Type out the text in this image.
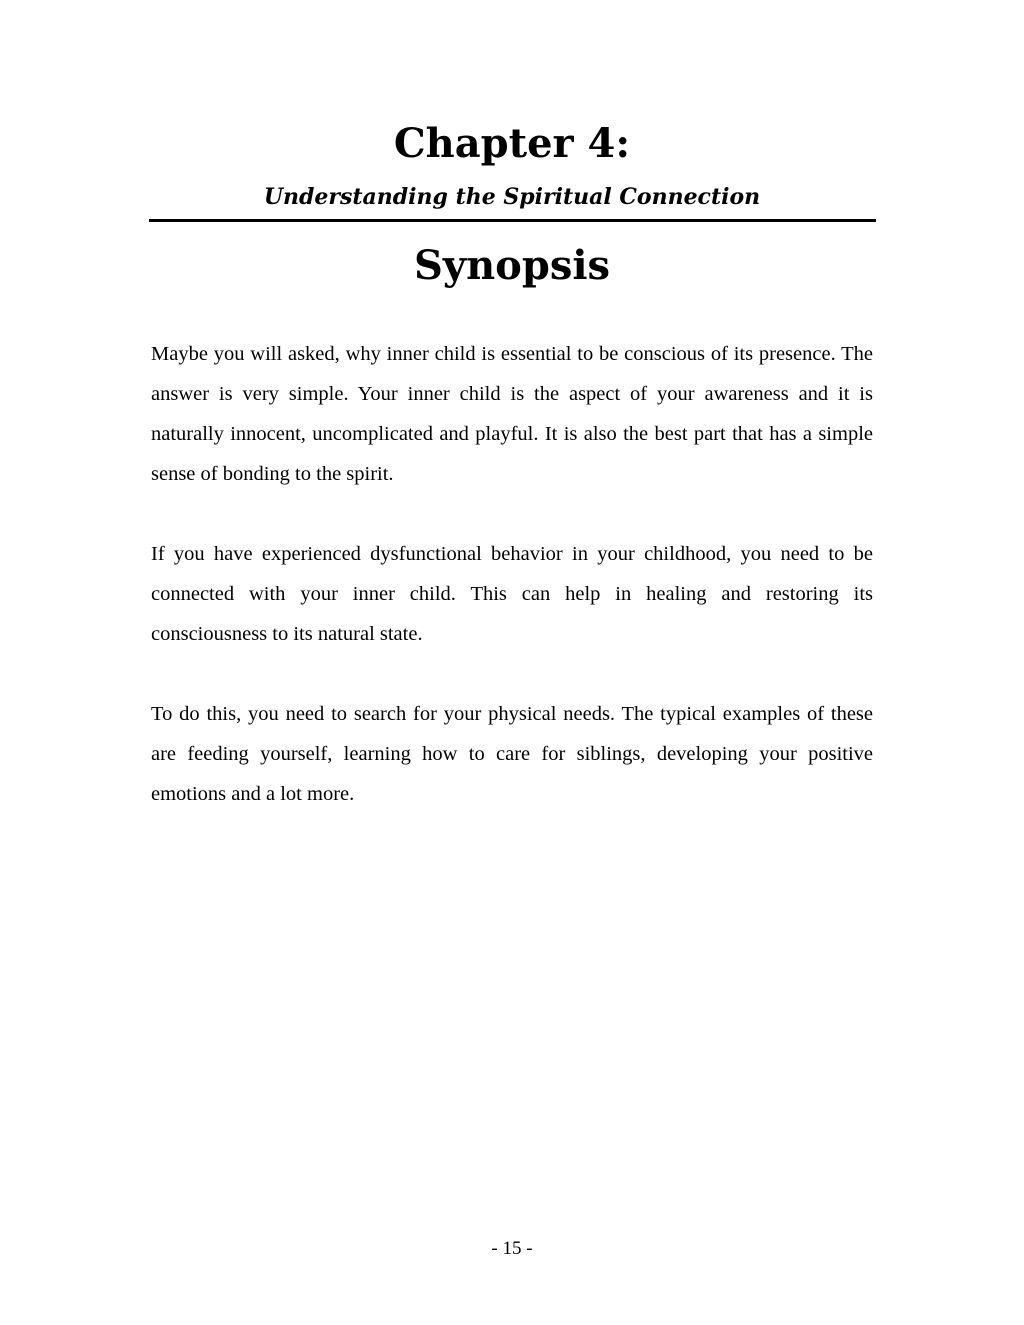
Chapter 4:
Understanding the Spiritual Connection
Synopsis

Maybe you will asked, why inner child is essential to be conscious of its presence. The answer is very simple. Your inner child is the aspect of your awareness and it is naturally innocent, uncomplicated and playful. It is also the best part that has a simple sense of bonding to the spirit.

If you have experienced dysfunctional behavior in your childhood, you need to be connected with your inner child. This can help in healing and restoring its consciousness to its natural state.

To do this, you need to search for your physical needs. The typical examples of these are feeding yourself, learning how to care for siblings, developing your positive emotions and a lot more.

- 15 -
